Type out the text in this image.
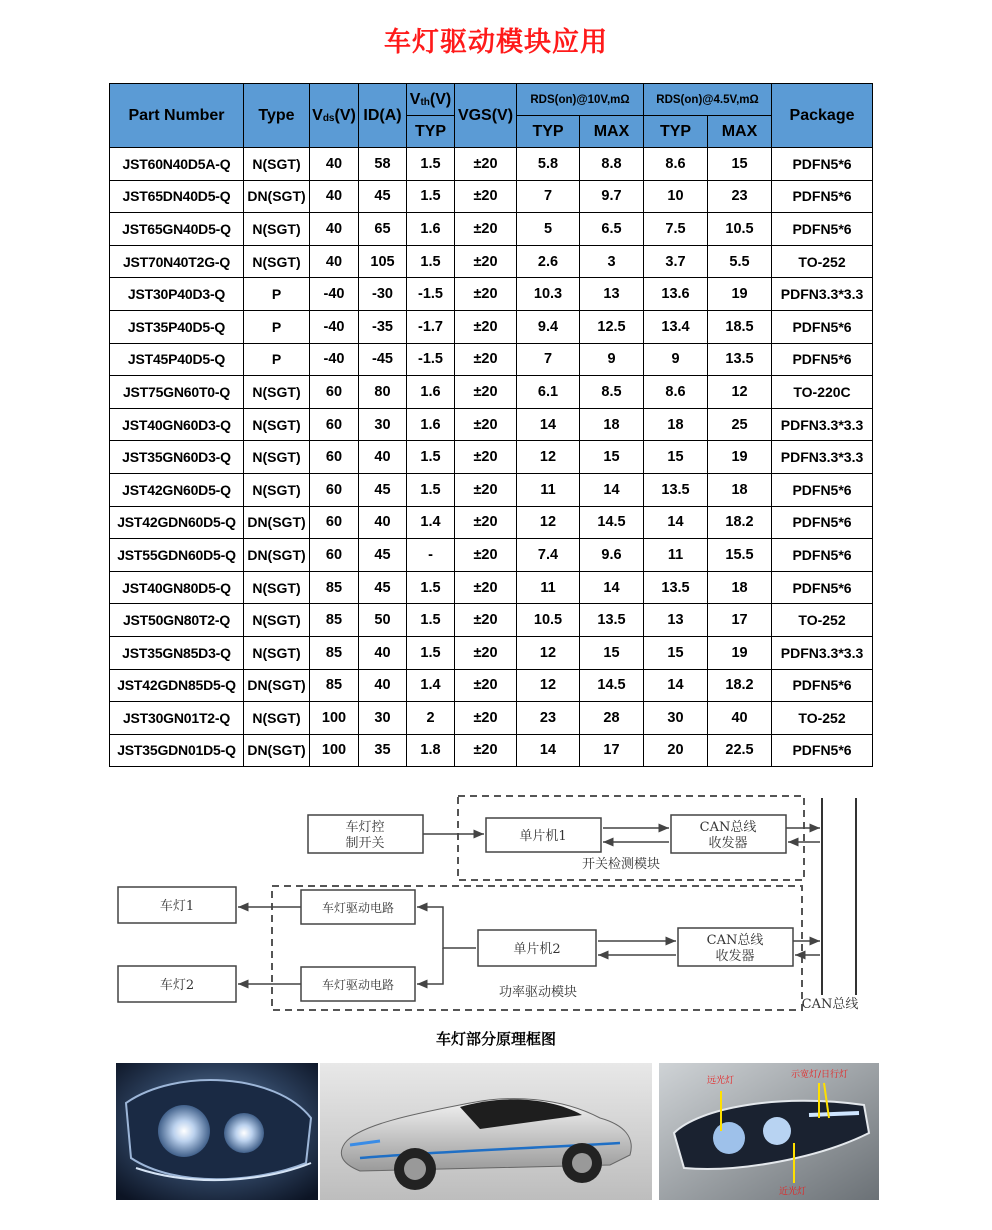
车灯驱动模块应用
Part Number	Type	$V_{ds}(V)$	ID(A)	$V_{th}(V)$	VGS(V)	RDS(on)@10V,mΩ		RDS(on)@4.5V,mΩ		Package
				TYP		TYP	MAX	TYP	MAX	
JST60N40D5A-Q	N(SGT)	40	58	1.5	±20	5.8	8.8	8.6	15	PDFN5*6
JST65DN40D5-Q	DN(SGT)	40	45	1.5	±20	7	9.7	10	23	PDFN5*6
JST65GN40D5-Q	N(SGT)	40	65	1.6	±20	5	6.5	7.5	10.5	PDFN5*6
JST70N40T2G-Q	N(SGT)	40	105	1.5	±20	2.6	3	3.7	5.5	TO-252
JST30P40D3-Q	P	-40	-30	-1.5	±20	10.3	13	13.6	19	PDFN3.3*3.3
JST35P40D5-Q	P	-40	-35	-1.7	±20	9.4	12.5	13.4	18.5	PDFN5*6
JST45P40D5-Q	P	-40	-45	-1.5	±20	7	9	9	13.5	PDFN5*6
JST75GN60T0-Q	N(SGT)	60	80	1.6	±20	6.1	8.5	8.6	12	TO-220C
JST40GN60D3-Q	N(SGT)	60	30	1.6	±20	14	18	18	25	PDFN3.3*3.3
JST35GN60D3-Q	N(SGT)	60	40	1.5	±20	12	15	15	19	PDFN3.3*3.3
JST42GN60D5-Q	N(SGT)	60	45	1.5	±20	11	14	13.5	18	PDFN5*6
JST42GDN60D5-Q	DN(SGT)	60	40	1.4	±20	12	14.5	14	18.2	PDFN5*6
JST55GDN60D5-Q	DN(SGT)	60	45	-	±20	7.4	9.6	11	15.5	PDFN5*6
JST40GN80D5-Q	N(SGT)	85	45	1.5	±20	11	14	13.5	18	PDFN5*6
JST50GN80T2-Q	N(SGT)	85	50	1.5	±20	10.5	13.5	13	17	TO-252
JST35GN85D3-Q	N(SGT)	85	40	1.5	±20	12	15	15	19	PDFN3.3*3.3
JST42GDN85D5-Q	DN(SGT)	85	40	1.4	±20	12	14.5	14	18.2	PDFN5*6
JST30GN01T2-Q	N(SGT)	100	30	2	±20	23	28	30	40	TO-252
JST35GDN01D5-Q	DN(SGT)	100	35	1.8	±20	14	17	20	22.5	PDFN5*6
车灯控
制开关	单片机1
CAN总线
收发器
开关检测模块
车灯1
车灯2
车灯驱动电路
车灯驱动电路
单片机2
CAN总线
收发器
功率驱动模块
CAN总线
车灯部分原理框图
远光灯
示宽灯/日行灯
近光灯
